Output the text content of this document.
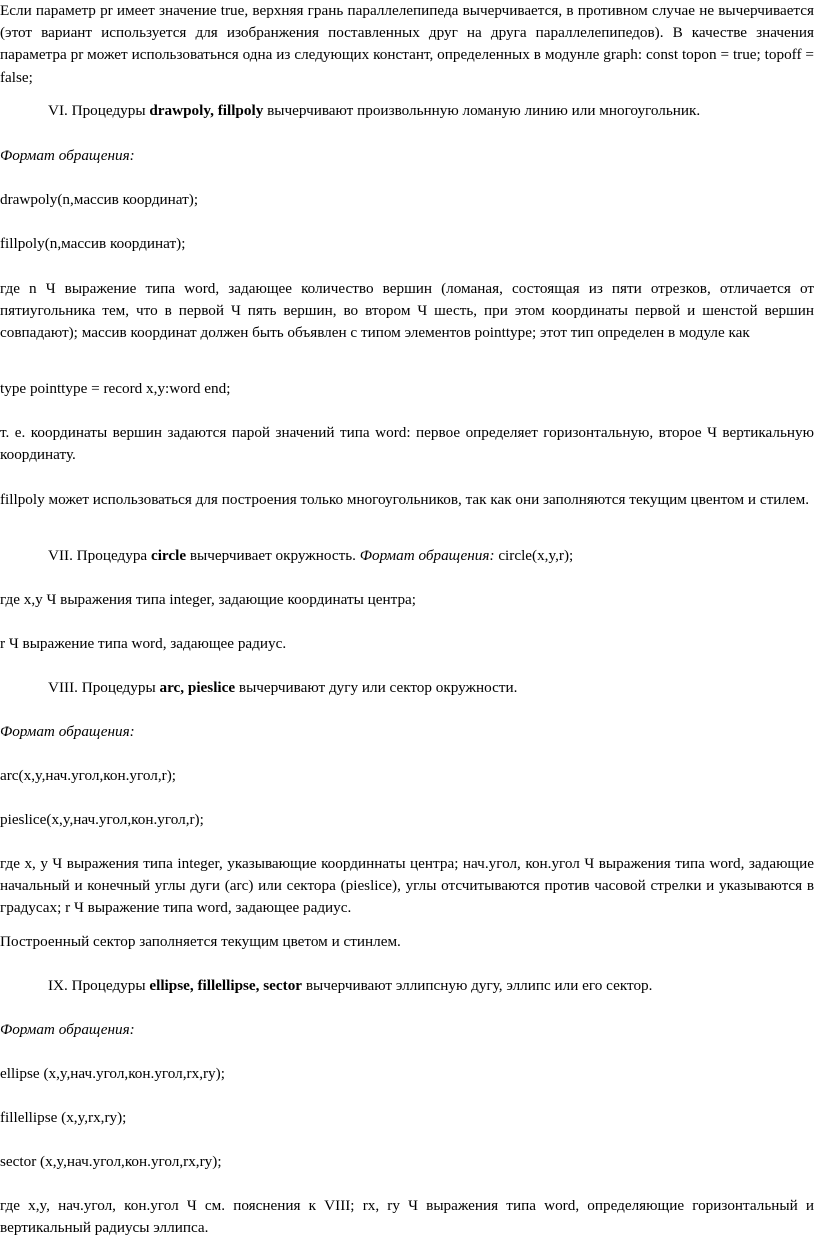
Если параметр pr имеет значение true, верхняя грань параллелепипеда вычерчивается, в противном случае не вычерчивается (этот вариант используется для изобранжения поставленных друг на друга параллелепипедов). В качестве значения параметра pr может использоватьнся одна из следующих констант, определенных в модунле graph: const topon = true; topoff = false;

VI. Процедуры drawpoly, fillpoly вычерчивают произвольнную ломаную линию или многоугольник.

Формат обращения:

drawpoly(n,массив координат);

fillpoly(n,массив координат);

где n Ч выражение типа word, задающее количество вершин (ломаная, состоящая из пяти отрезков, отличается от пятиугольника тем, что в первой Ч пять вершин, во втором Ч шесть, при этом координаты первой и шенстой вершин совпадают); массив координат должен быть объявлен с типом элементов pointtype; этот тип определен в модуле как

type pointtype = record x,y:word end;

т. е. координаты вершин задаются парой значений типа word: первое определяет горизонтальную, второе Ч вертикальную координату.

fillpoly может использоваться для построения только многоугольников, так как они заполняются текущим цвентом и стилем.

VII. Процедура circle вычерчивает окружность. Формат обращения: circle(x,y,r);

где x,y Ч выражения типа integer, задающие координаты центра;

r Ч выражение типа word, задающее радиус.

VIII. Процедуры arc, pieslice вычерчивают дугу или сектор окружности.

Формат обращения:

arc(x,y,нач.угол,кон.угол,r);

pieslice(x,y,нач.угол,кон.угол,r);

где x, y Ч выражения типа integer, указывающие координнаты центра; нач.угол, кон.угол Ч выражения типа word, задающие начальный и конечный углы дуги (arc) или сектора (pieslice), углы отсчитываются против часовой стрелки и указываются в градусах; r Ч выражение типа word, задающее радиус.

Построенный сектор заполняется текущим цветом и стинлем.

IX. Процедуры ellipse, fillellipse, sector вычерчивают эллипсную дугу, эллипс или его сектор.

Формат обращения:

ellipse (x,y,нач.угол,кон.угол,rx,ry);

fillellipse (x,y,rx,ry);

sector (x,y,нач.угол,кон.угол,rx,ry);

где x,y, нач.угол, кон.угол Ч см. пояснения к VIII; rx, ry Ч выражения типа word, определяющие горизонтальный и вертикальный радиусы эллипса.
